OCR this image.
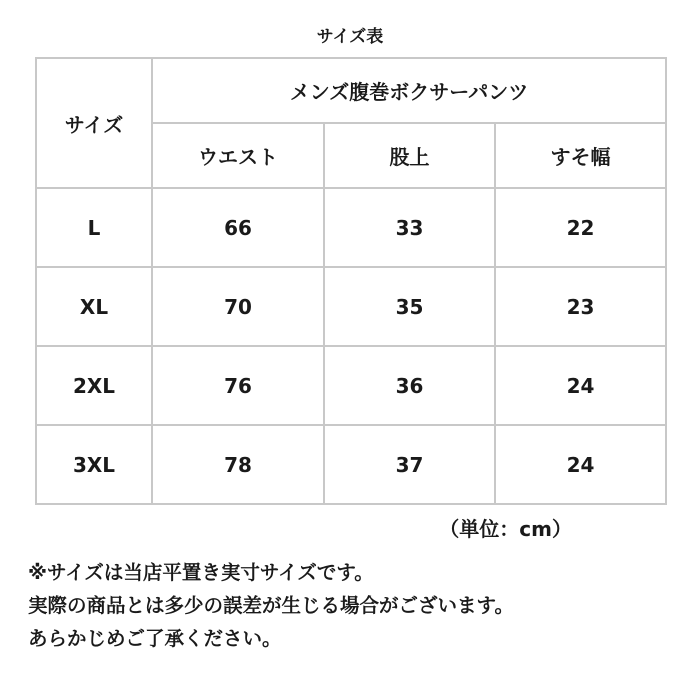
サイズ表
サイズ	メンズ腹巻ボクサーパンツ		
	ウエスト	股上	すそ幅
L	66	33	22
XL	70	35	23
2XL	76	36	24
3XL	78	37	24
（単位：cm）
※サイズは当店平置き実寸サイズです。
実際の商品とは多少の誤差が生じる場合がございます。
あらかじめご了承ください。
